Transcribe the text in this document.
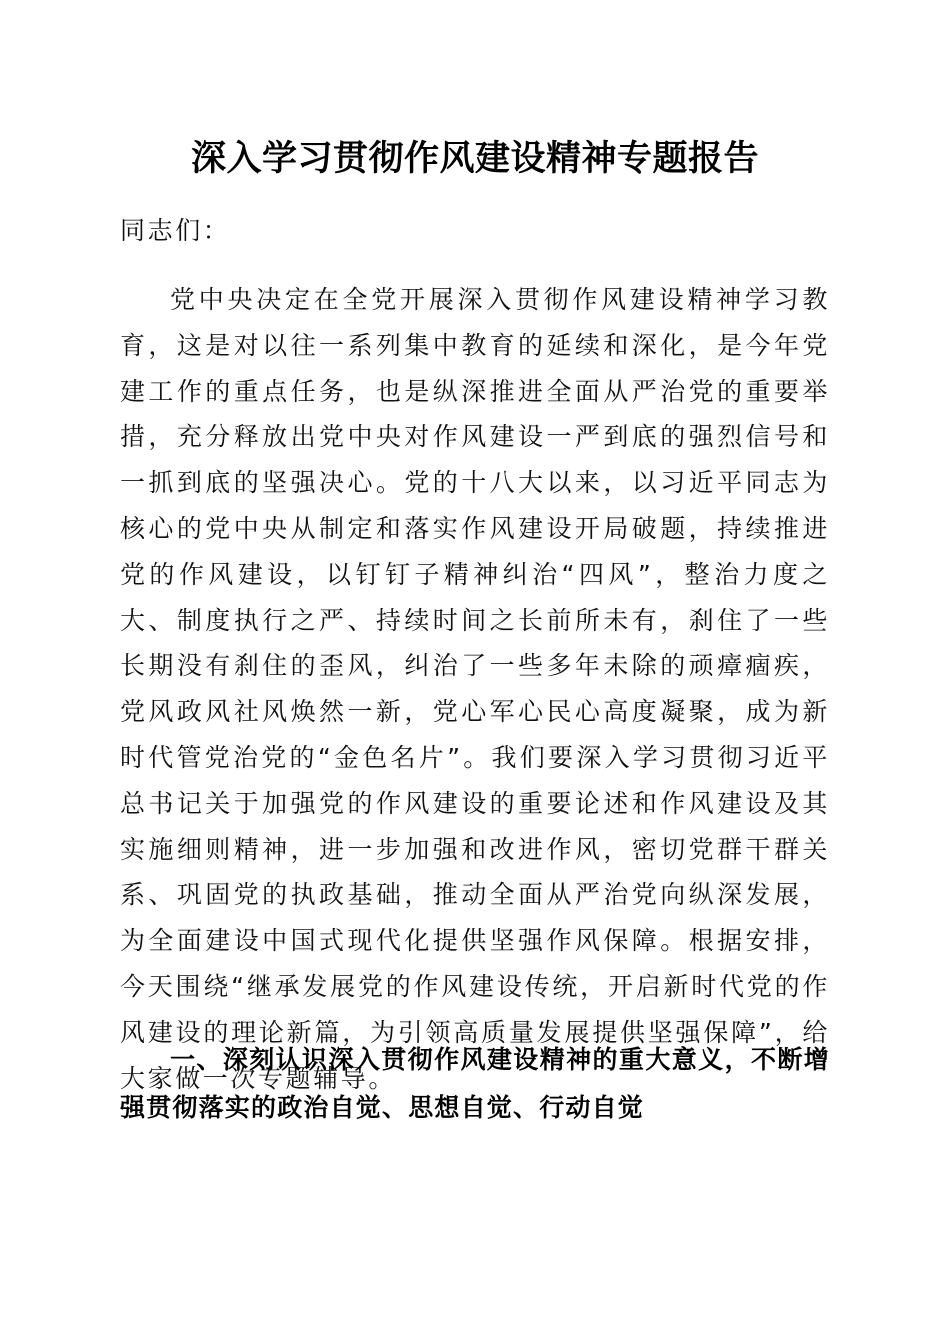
深入学习贯彻作风建设精神专题报告
同志们：
党中央决定在全党开展深入贯彻作风建设精神学习教育，这是对以往一系列集中教育的延续和深化，是今年党建工作的重点任务，也是纵深推进全面从严治党的重要举措，充分释放出党中央对作风建设一严到底的强烈信号和一抓到底的坚强决心。党的十八大以来，以习近平同志为核心的党中央从制定和落实作风建设开局破题，持续推进党的作风建设，以钉钉子精神纠治“四风”，整治力度之大、制度执行之严、持续时间之长前所未有，刹住了一些长期没有刹住的歪风，纠治了一些多年未除的顽瘴痼疾，党风政风社风焕然一新，党心军心民心高度凝聚，成为新时代管党治党的“金色名片”。我们要深入学习贯彻习近平总书记关于加强党的作风建设的重要论述和作风建设及其实施细则精神，进一步加强和改进作风，密切党群干群关系、巩固党的执政基础，推动全面从严治党向纵深发展，为全面建设中国式现代化提供坚强作风保障。根据安排，今天围绕“继承发展党的作风建设传统，开启新时代党的作风建设的理论新篇，为引领高质量发展提供坚强保障”，给大家做一次专题辅导。
一、深刻认识深入贯彻作风建设精神的重大意义，不断增强贯彻落实的政治自觉、思想自觉、行动自觉
